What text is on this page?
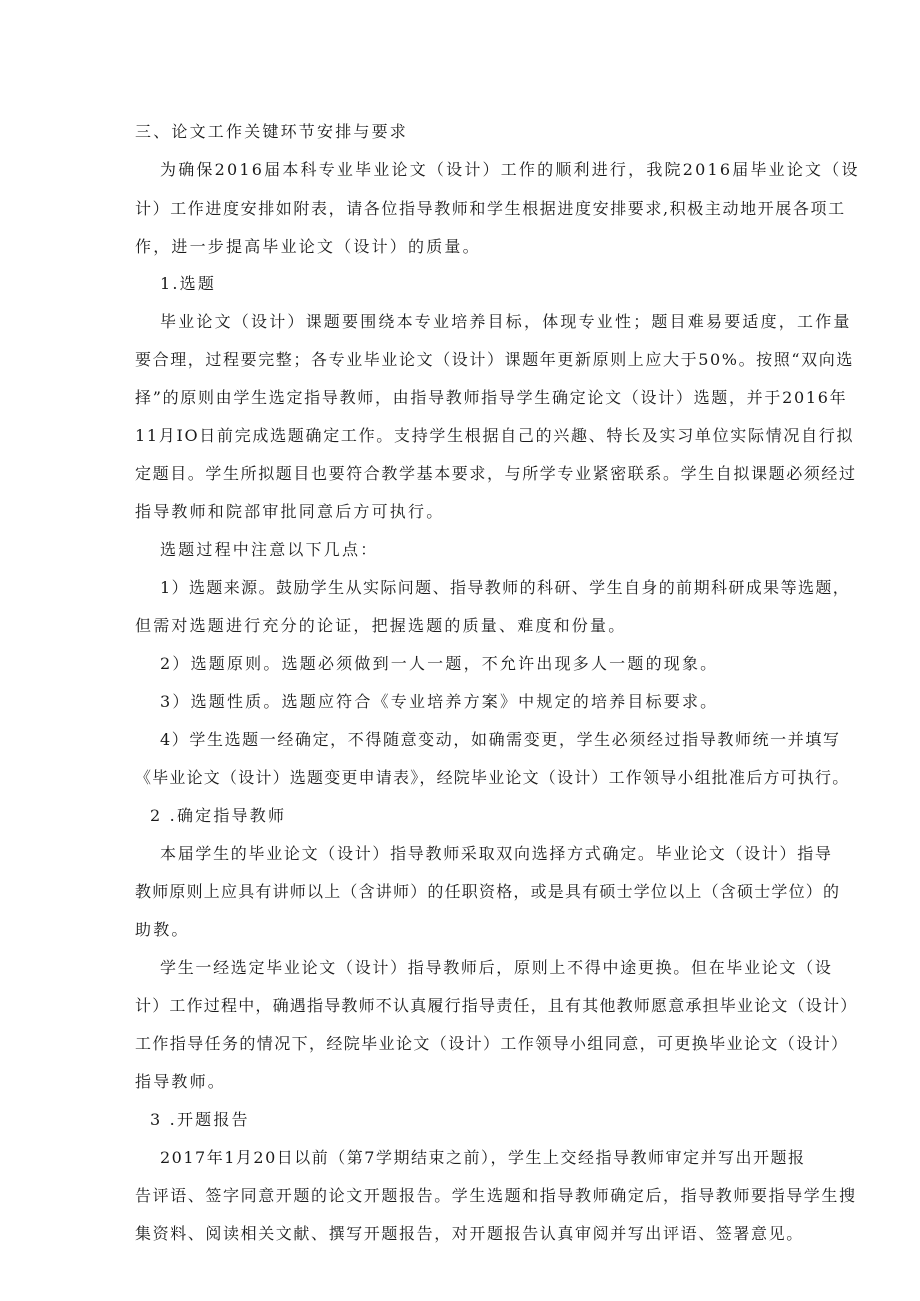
三、论文工作关键环节安排与要求

为确保2016届本科专业毕业论文（设计）工作的顺利进行，我院2016届毕业论文（设

计）工作进度安排如附表，请各位指导教师和学生根据进度安排要求,积极主动地开展各项工

作，进一步提高毕业论文（设计）的质量。

1.选题

毕业论文（设计）课题要围绕本专业培养目标，体现专业性；题目难易要适度，工作量

要合理，过程要完整；各专业毕业论文（设计）课题年更新原则上应大于50%。按照“双向选

择”的原则由学生选定指导教师，由指导教师指导学生确定论文（设计）选题，并于2016年

11月IO日前完成选题确定工作。支持学生根据自己的兴趣、特长及实习单位实际情况自行拟

定题目。学生所拟题目也要符合教学基本要求，与所学专业紧密联系。学生自拟课题必须经过

指导教师和院部审批同意后方可执行。

选题过程中注意以下几点：

1）选题来源。鼓励学生从实际问题、指导教师的科研、学生自身的前期科研成果等选题，

但需对选题进行充分的论证，把握选题的质量、难度和份量。

2）选题原则。选题必须做到一人一题，不允许出现多人一题的现象。

3）选题性质。选题应符合《专业培养方案》中规定的培养目标要求。

4）学生选题一经确定，不得随意变动，如确需变更，学生必须经过指导教师统一并填写

《毕业论文（设计）选题变更申请表》，经院毕业论文（设计）工作领导小组批准后方可执行。

2 .确定指导教师

本届学生的毕业论文（设计）指导教师采取双向选择方式确定。毕业论文（设计）指导

教师原则上应具有讲师以上（含讲师）的任职资格，或是具有硕士学位以上（含硕士学位）的

助教。

学生一经选定毕业论文（设计）指导教师后，原则上不得中途更换。但在毕业论文（设

计）工作过程中，确遇指导教师不认真履行指导责任，且有其他教师愿意承担毕业论文（设计）

工作指导任务的情况下，经院毕业论文（设计）工作领导小组同意，可更换毕业论文（设计）

指导教师。

3 .开题报告

2017年1月20日以前（第7学期结束之前），学生上交经指导教师审定并写出开题报

告评语、签字同意开题的论文开题报告。学生选题和指导教师确定后，指导教师要指导学生搜

集资料、阅读相关文献、撰写开题报告，对开题报告认真审阅并写出评语、签署意见。
